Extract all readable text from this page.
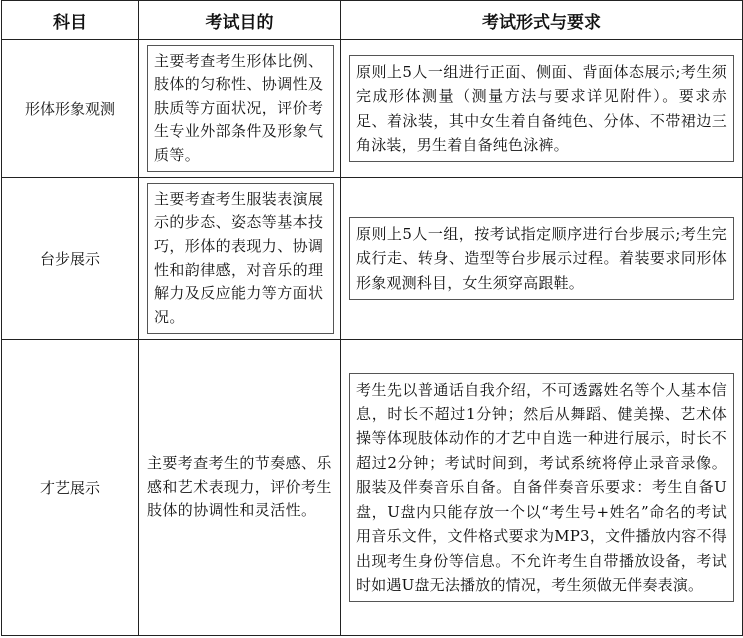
科目	考试目的	考试形式与要求
形体形象观测	主要考查考生形体比例、肢体的匀称性、协调性及肤质等方面状况，评价考生专业外部条件及形象气质等。	原则上5人一组进行正面、侧面、背面体态展示;考生须完成形体测量（测量方法与要求详见附件）。要求赤足、着泳装，其中女生着自备纯色、分体、不带裙边三角泳装，男生着自备纯色泳裤。

台步展示	主要考查考生服装表演展示的步态、姿态等基本技巧，形体的表现力、协调性和韵律感，对音乐的理解力及反应能力等方面状况。	原则上5人一组，按考试指定顺序进行台步展示;考生完成行走、转身、造型等台步展示过程。着装要求同形体形象观测科目，女生须穿高跟鞋。

才艺展示	主要考查考生的节奏感、乐感和艺术表现力，评价考生肢体的协调性和灵活性。	考生先以普通话自我介绍，不可透露姓名等个人基本信息，时长不超过1分钟；然后从舞蹈、健美操、艺术体操等体现肢体动作的才艺中自选一种进行展示，时长不超过2分钟；考试时间到，考试系统将停止录音录像。服装及伴奏音乐自备。自备伴奏音乐要求：考生自备U盘，U盘内只能存放一个以“考生号+姓名”命名的考试用音乐文件，文件格式要求为MP3，文件播放内容不得出现考生身份等信息。不允许考生自带播放设备，考试时如遇U盘无法播放的情况，考生须做无伴奏表演。
